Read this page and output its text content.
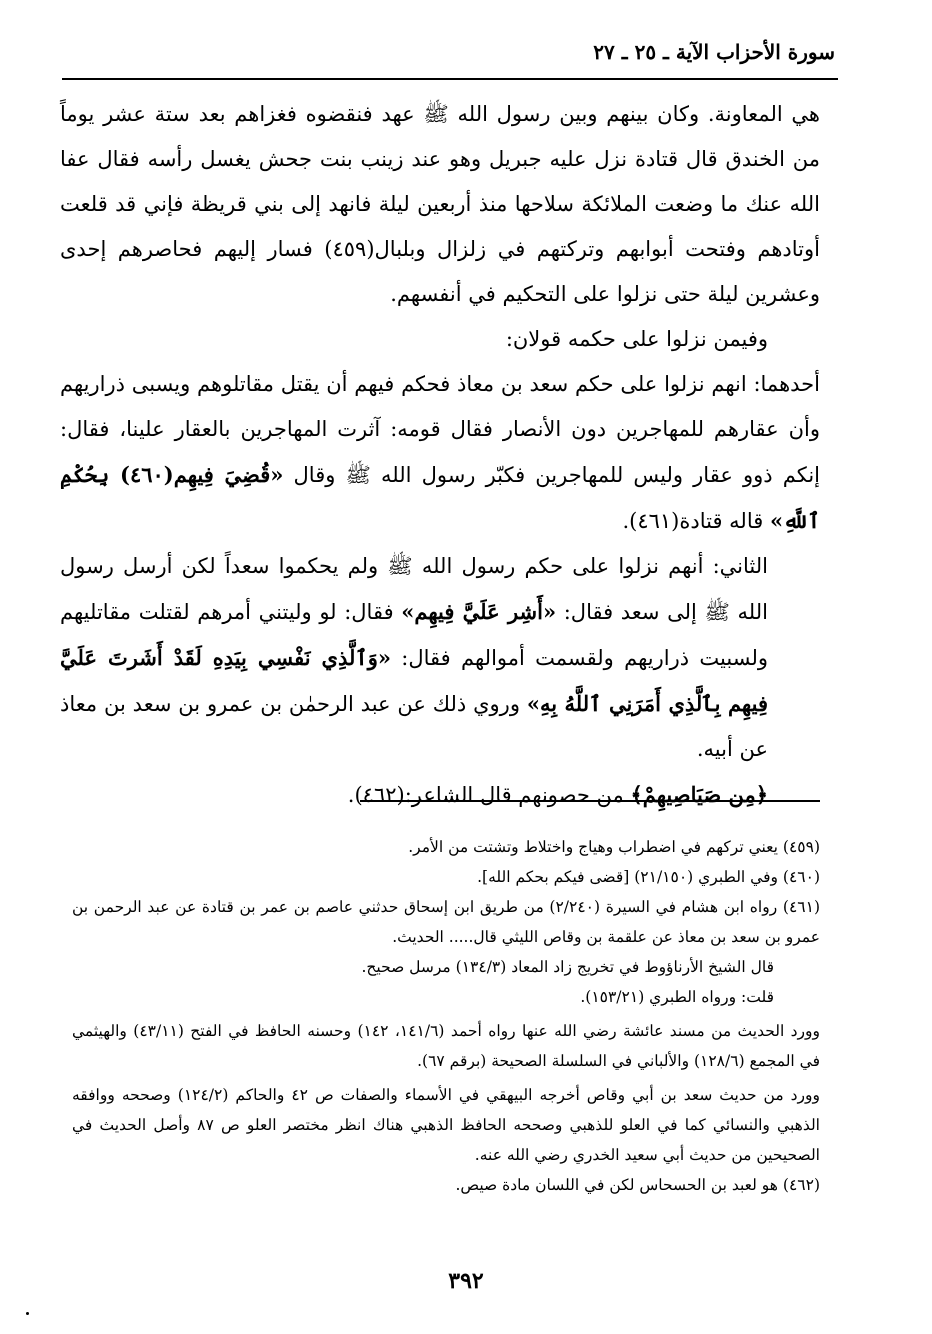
سورة الأحزاب الآية ـ ٢٥ ـ ٢٧

هي المعاونة. وكان بينهم وبين رسول الله ﷺ عهد فنقضوه فغزاهم بعد ستة عشر يوماً من الخندق قال قتادة نزل عليه جبريل وهو عند زينب بنت جحش يغسل رأسه فقال عفا الله عنك ما وضعت الملائكة سلاحها منذ أربعين ليلة فانهد إلى بني قريظة فإني قد قلعت أوتادهم وفتحت أبوابهم وتركتهم في زلزال وبلبال(٤٥٩) فسار إليهم فحاصرهم إحدى وعشرين ليلة حتى نزلوا على التحكيم في أنفسهم.

وفيمن نزلوا على حكمه قولان:

أحدهما: انهم نزلوا على حكم سعد بن معاذ فحكم فيهم أن يقتل مقاتلوهم ويسبى ذراريهم وأن عقارهم للمهاجرين دون الأنصار فقال قومه: آثرت المهاجرين بالعقار علينا، فقال: إنكم ذوو عقار وليس للمهاجرين فكبّر رسول الله ﷺ وقال «قُضِيَ فِيهِم(٤٦٠) بِحُكْمِ ٱللَّهِ» قاله قتادة(٤٦١).

الثاني: أنهم نزلوا على حكم رسول الله ﷺ ولم يحكموا سعداً لكن أرسل رسول الله ﷺ إلى سعد فقال: «أَشِر عَلَيَّ فِيهِم» فقال: لو وليتني أمرهم لقتلت مقاتليهم ولسبيت ذراريهم ولقسمت أموالهم فقال: «وَٱلَّذِي نَفْسِي بِيَدِهِ لَقَدْ أَشَرتَ عَلَيَّ فِيهِم بِٱلَّذِي أَمَرَنِي ٱللَّهُ بِهِ» وروي ذلك عن عبد الرحمٰن بن عمرو بن سعد بن معاذ عن أبيه.

﴿مِن صَيَاصِيهِمْ﴾ من حصونهم قال الشاعر:(٤٦٢).

(٤٥٩) يعني تركهم في اضطراب وهياج واختلاط وتشتت من الأمر.

(٤٦٠) وفي الطبري (٢١/١٥٠) [قضى فيكم بحكم الله].

(٤٦١) رواه ابن هشام في السيرة (٢/٢٤٠) من طريق ابن إسحاق حدثني عاصم بن عمر بن قتادة عن عبد الرحمن بن عمرو بن سعد بن معاذ عن علقمة بن وقاص الليثي قال..... الحديث.

قال الشيخ الأرناؤوط في تخريج زاد المعاد (١٣٤/٣) مرسل صحيح.

قلت: ورواه الطبري (١٥٣/٢١).

وورد الحديث من مسند عائشة رضي الله عنها رواه أحمد (١٤١/٦، ١٤٢) وحسنه الحافظ في الفتح (٤٣/١١) والهيثمي في المجمع (١٢٨/٦) والألباني في السلسلة الصحيحة (برقم ٦٧).

وورد من حديث سعد بن أبي وقاص أخرجه البيهقي في الأسماء والصفات ص ٤٢ والحاكم (١٢٤/٢) وصححه ووافقه الذهبي والنسائي كما في العلو للذهبي وصححه الحافظ الذهبي هناك انظر مختصر العلو ص ٨٧ وأصل الحديث في الصحيحين من حديث أبي سعيد الخدري رضي الله عنه.

(٤٦٢) هو لعبد بن الحسحاس لكن في اللسان مادة صيص.

٣٩٢
